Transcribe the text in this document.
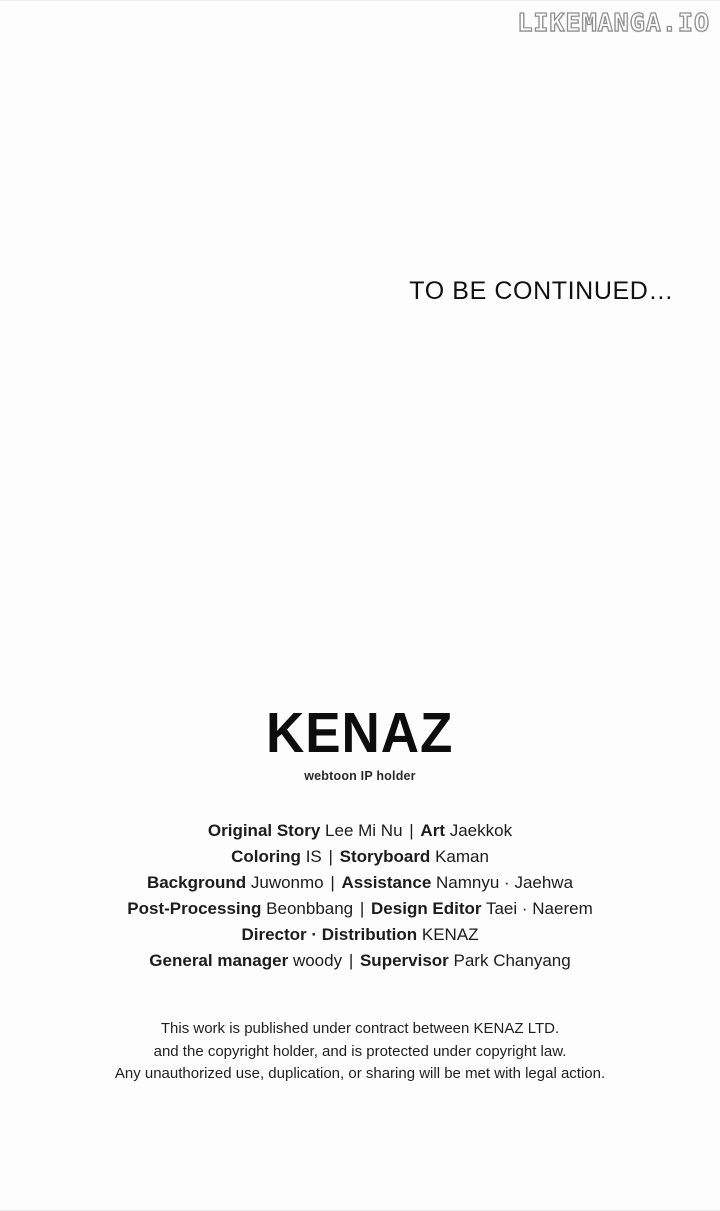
LIKEMANGA.IO
TO BE CONTINUED…
KENAZ
webtoon IP holder
Original Story Lee Mi Nu | Art Jaekkok
Coloring IS | Storyboard Kaman
Background Juwonmo | Assistance Namnyu · Jaehwa
Post-Processing Beonbbang | Design Editor Taei · Naerem
Director · Distribution KENAZ
General manager woody | Supervisor Park Chanyang
This work is published under contract between KENAZ LTD.
and the copyright holder, and is protected under copyright law.
Any unauthorized use, duplication, or sharing will be met with legal action.
